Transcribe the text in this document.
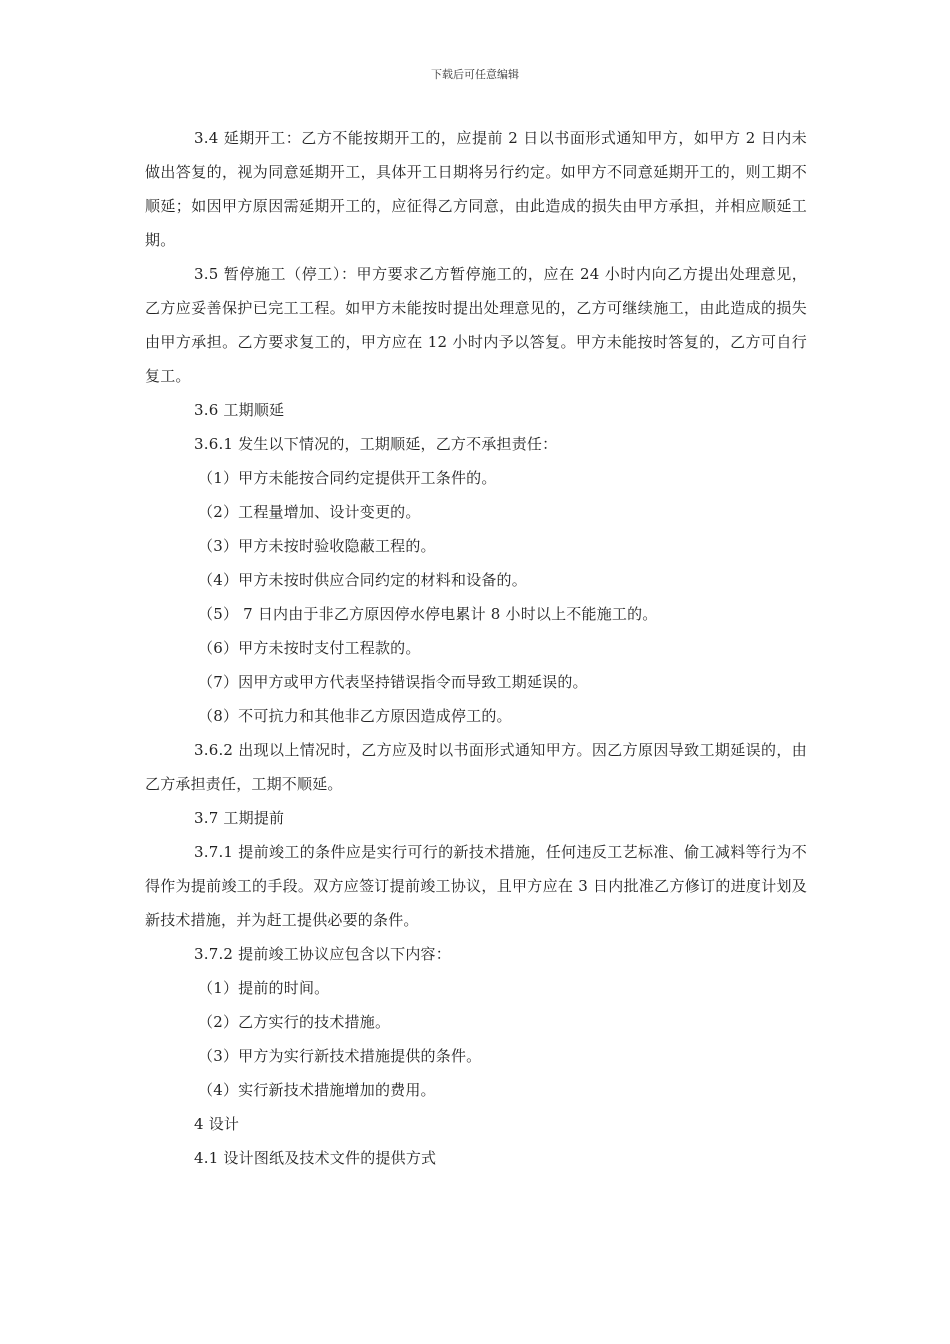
下载后可任意编辑

3.4 延期开工：乙方不能按期开工的，应提前 2 日以书面形式通知甲方，如甲方 2 日内未做出答复的，视为同意延期开工，具体开工日期将另行约定。如甲方不同意延期开工的，则工期不顺延；如因甲方原因需延期开工的，应征得乙方同意，由此造成的损失由甲方承担，并相应顺延工期。

3.5 暂停施工（停工）：甲方要求乙方暂停施工的，应在 24 小时内向乙方提出处理意见，乙方应妥善保护已完工工程。如甲方未能按时提出处理意见的，乙方可继续施工，由此造成的损失由甲方承担。乙方要求复工的，甲方应在 12 小时内予以答复。甲方未能按时答复的，乙方可自行复工。

3.6 工期顺延

3.6.1 发生以下情况的，工期顺延，乙方不承担责任：

（1）甲方未能按合同约定提供开工条件的。

（2）工程量增加、设计变更的。

（3）甲方未按时验收隐蔽工程的。

（4）甲方未按时供应合同约定的材料和设备的。

（5） 7 日内由于非乙方原因停水停电累计 8 小时以上不能施工的。

（6）甲方未按时支付工程款的。

（7）因甲方或甲方代表坚持错误指令而导致工期延误的。

（8）不可抗力和其他非乙方原因造成停工的。

3.6.2 出现以上情况时，乙方应及时以书面形式通知甲方。因乙方原因导致工期延误的，由乙方承担责任，工期不顺延。

3.7 工期提前

3.7.1 提前竣工的条件应是实行可行的新技术措施，任何违反工艺标准、偷工减料等行为不得作为提前竣工的手段。双方应签订提前竣工协议，且甲方应在 3 日内批准乙方修订的进度计划及新技术措施，并为赶工提供必要的条件。

3.7.2 提前竣工协议应包含以下内容：

（1）提前的时间。

（2）乙方实行的技术措施。

（3）甲方为实行新技术措施提供的条件。

（4）实行新技术措施增加的费用。

4 设计

4.1 设计图纸及技术文件的提供方式
